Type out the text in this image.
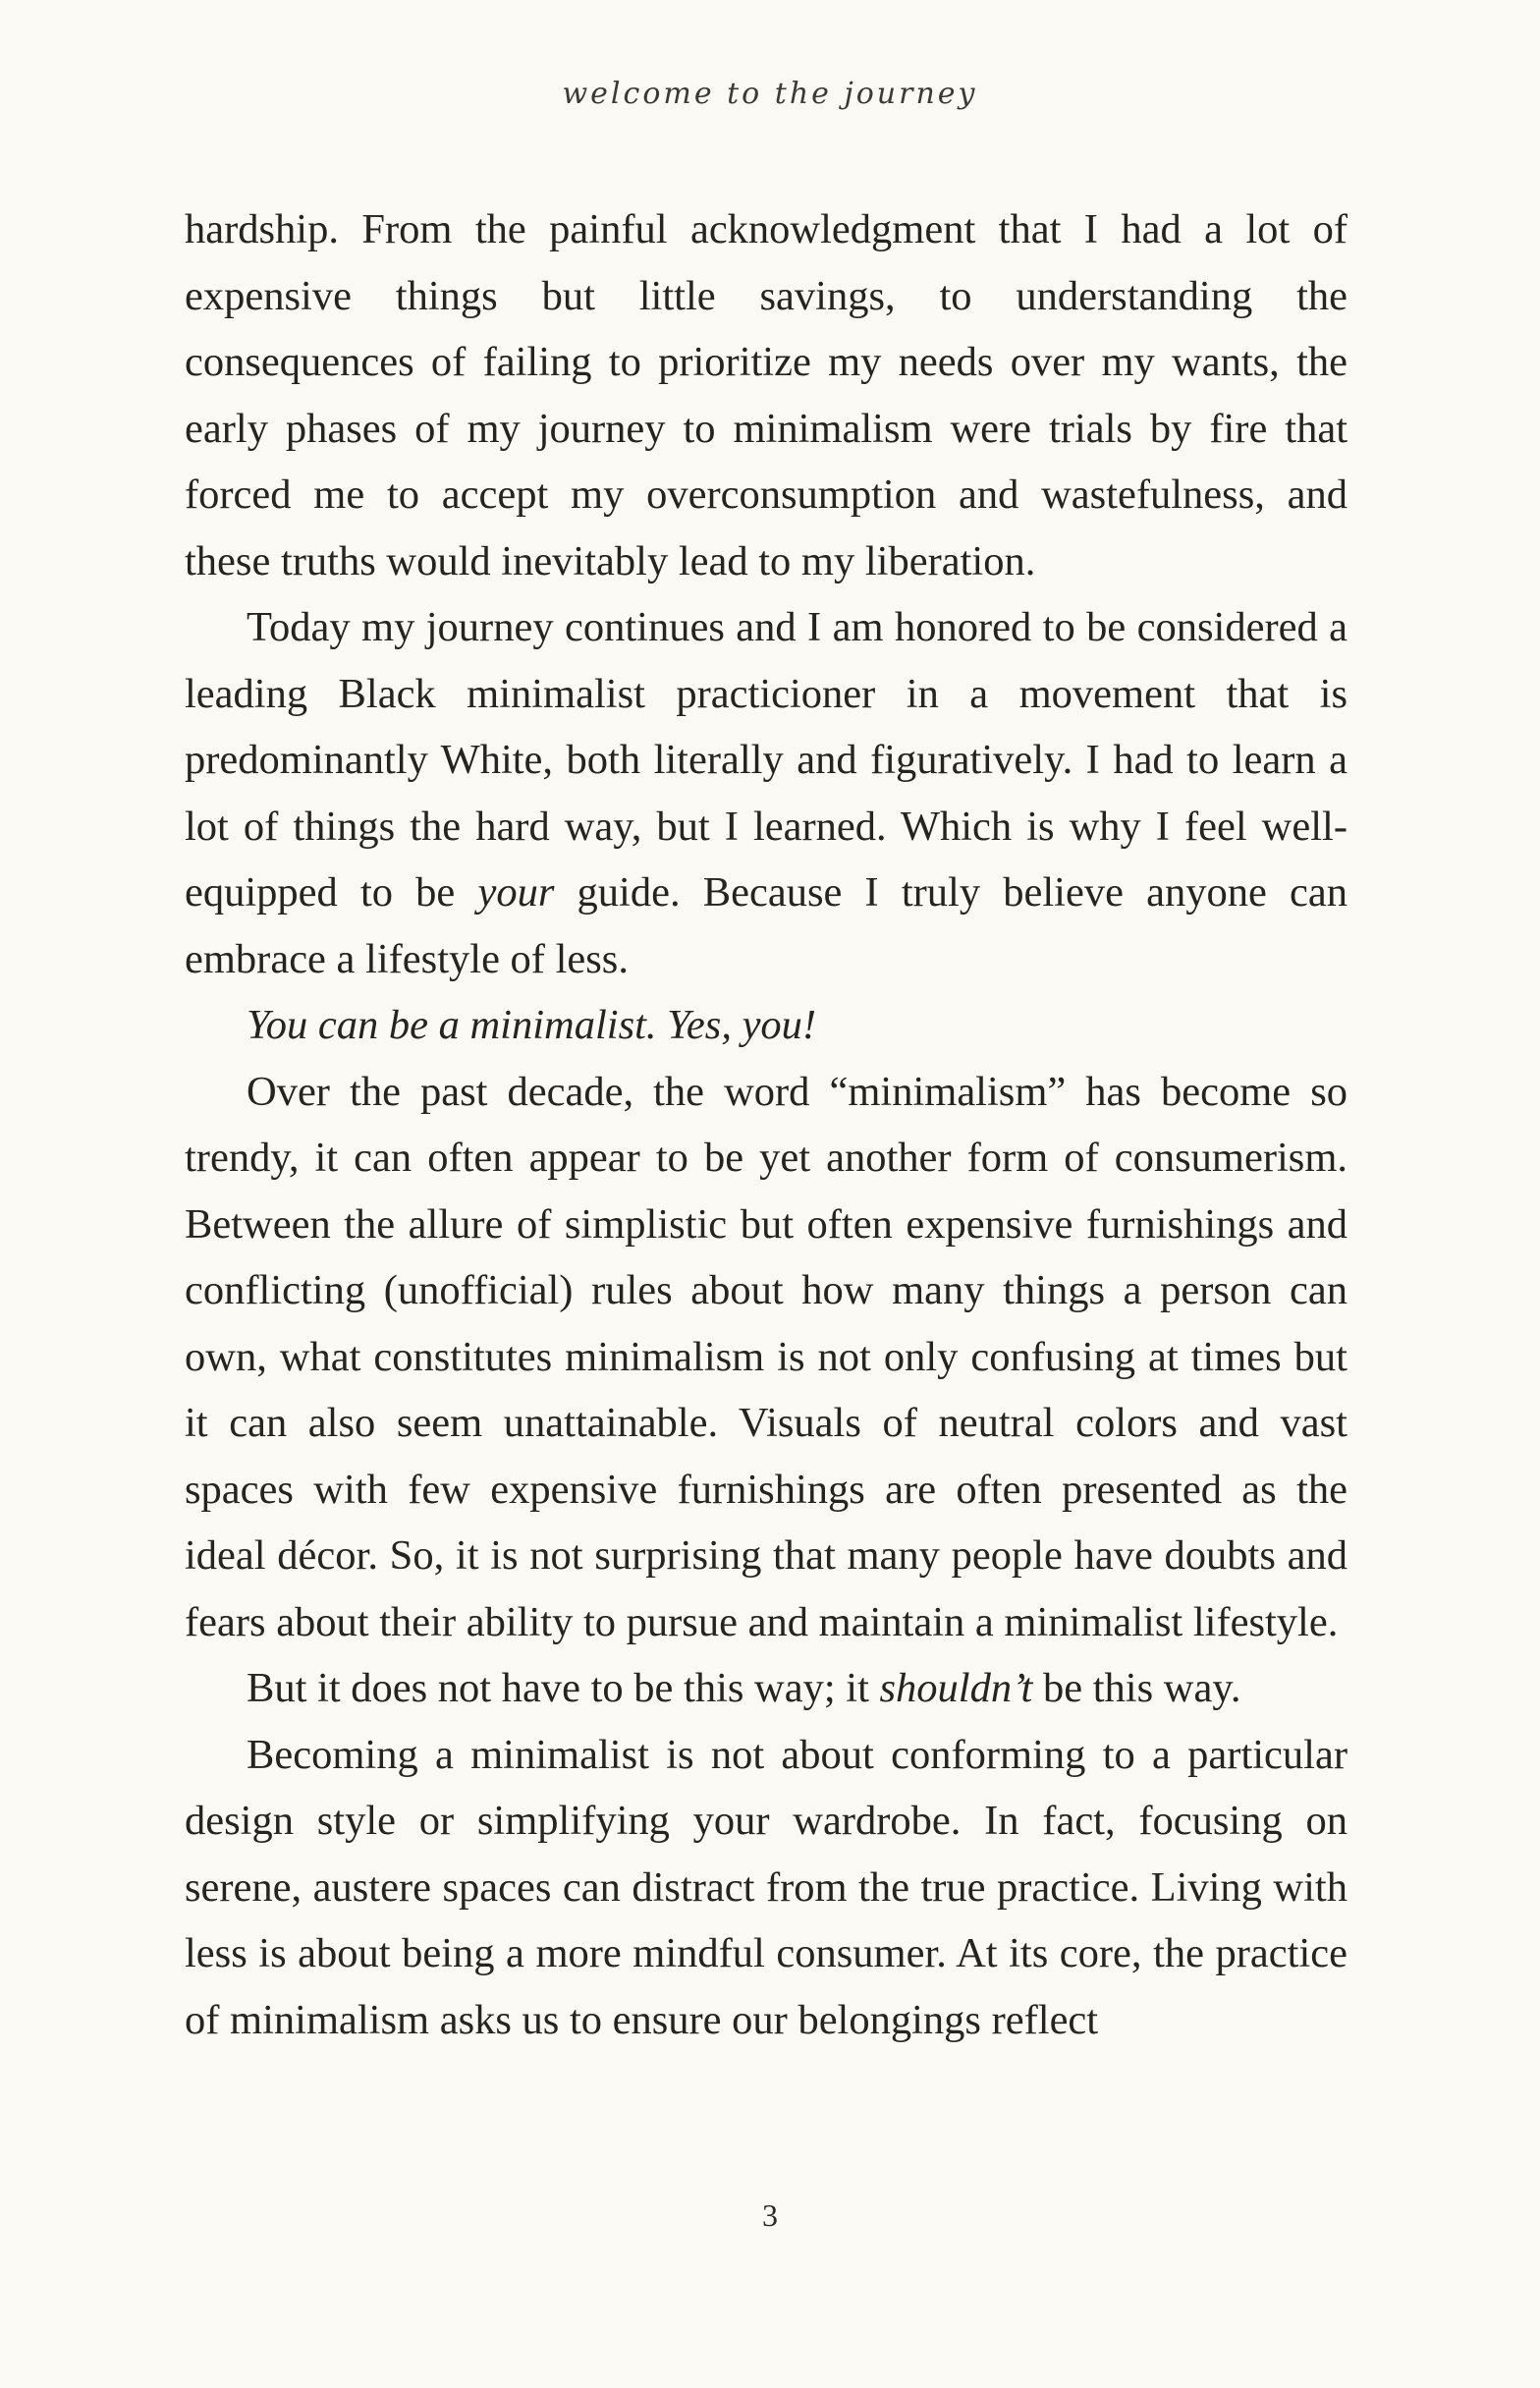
welcome to the journey

hardship. From the painful acknowledgment that I had a lot of expensive things but little savings, to understanding the consequences of failing to prioritize my needs over my wants, the early phases of my journey to minimalism were trials by fire that forced me to accept my overconsumption and wastefulness, and these truths would inevitably lead to my liberation.

Today my journey continues and I am honored to be considered a leading Black minimalist practicioner in a movement that is predominantly White, both literally and figuratively. I had to learn a lot of things the hard way, but I learned. Which is why I feel well-equipped to be your guide. Because I truly believe anyone can embrace a lifestyle of less.

You can be a minimalist. Yes, you!

Over the past decade, the word “minimalism” has become so trendy, it can often appear to be yet another form of consumerism. Between the allure of simplistic but often expensive furnishings and conflicting (unofficial) rules about how many things a person can own, what constitutes minimalism is not only confusing at times but it can also seem unattainable. Visuals of neutral colors and vast spaces with few expensive furnishings are often presented as the ideal décor. So, it is not surprising that many people have doubts and fears about their ability to pursue and maintain a minimalist lifestyle.

But it does not have to be this way; it shouldn’t be this way.

Becoming a minimalist is not about conforming to a particular design style or simplifying your wardrobe. In fact, focusing on serene, austere spaces can distract from the true practice. Living with less is about being a more mindful consumer. At its core, the practice of minimalism asks us to ensure our belongings reflect

3
